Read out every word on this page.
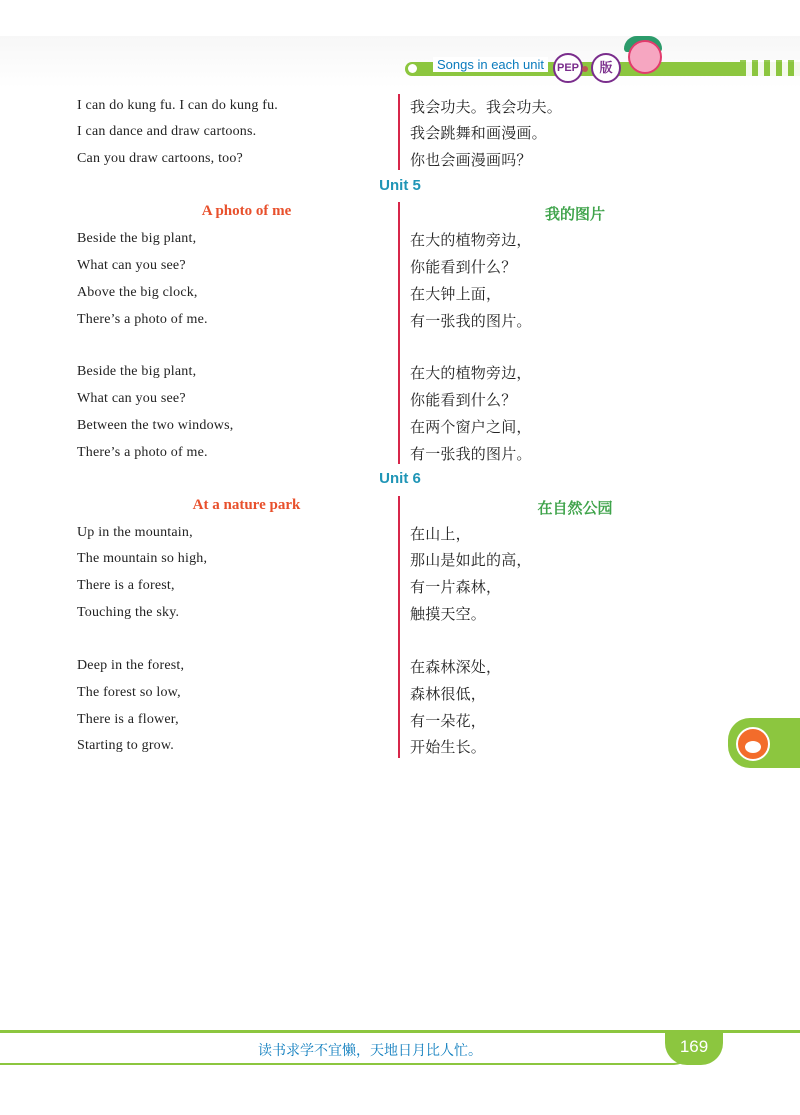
Songs in each unit	PEP	版
I can do kung fu. I can do kung fu.
I can dance and draw cartoons.
Can you draw cartoons, too?
我会功夫。我会功夫。
我会跳舞和画漫画。
你也会画漫画吗？
Unit 5
A photo of me	我的图片
Beside the big plant,
What can you see?
Above the big clock,
There’s a photo of me.
在大的植物旁边，
你能看到什么？
在大钟上面，
有一张我的图片。
Beside the big plant,
What can you see?
Between the two windows,
There’s a photo of me.
在大的植物旁边，
你能看到什么？
在两个窗户之间，
有一张我的图片。
Unit 6
At a nature park	在自然公园
Up in the mountain,
The mountain so high,
There is a forest,
Touching the sky.
在山上，
那山是如此的高，
有一片森林，
触摸天空。
Deep in the forest,
The forest so low,
There is a flower,
Starting to grow.
在森林深处，
森林很低，
有一朵花，
开始生长。
读书求学不宜懒，天地日月比人忙。	169
